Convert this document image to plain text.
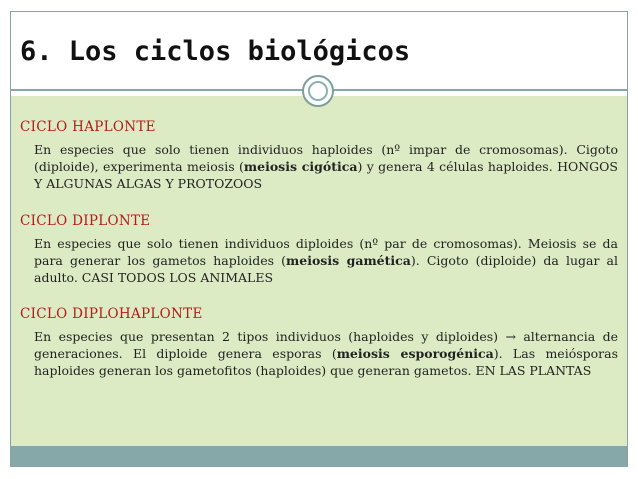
6. Los ciclos biológicos

CICLO HAPLONTE

En especies que solo tienen individuos haploides (nº impar de cromosomas). Cigoto (diploide), experimenta meiosis (meiosis cigótica) y genera 4 células haploides. HONGOS Y ALGUNAS ALGAS Y PROTOZOOS

CICLO DIPLONTE

En especies que solo tienen individuos diploides (nº par de cromosomas). Meiosis se da para generar los gametos haploides (meiosis gamética). Cigoto (diploide) da lugar al adulto. CASI TODOS LOS ANIMALES

CICLO DIPLOHAPLONTE

En especies que presentan 2 tipos individuos (haploides y diploides) → alternancia de generaciones. El diploide genera esporas (meiosis esporogénica). Las meiósporas haploides generan los gametofitos (haploides) que generan gametos. EN LAS PLANTAS
